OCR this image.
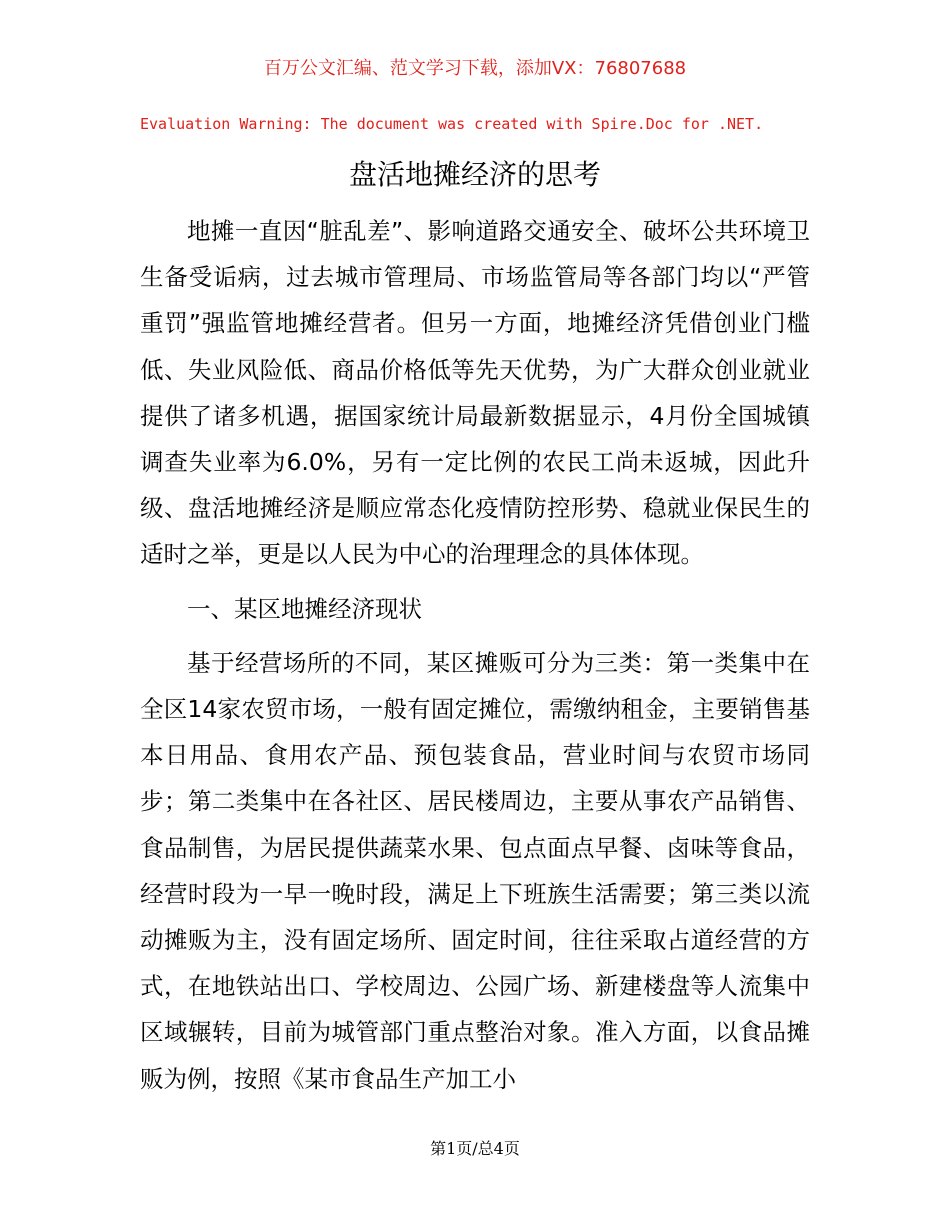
百万公文汇编、范文学习下载，添加VX：76807688
Evaluation Warning: The document was created with Spire.Doc for .NET.
盘活地摊经济的思考

地摊一直因“脏乱差”、影响道路交通安全、破坏公共环境卫生备受诟病，过去城市管理局、市场监管局等各部门均以“严管重罚”强监管地摊经营者。但另一方面，地摊经济凭借创业门槛低、失业风险低、商品价格低等先天优势，为广大群众创业就业提供了诸多机遇，据国家统计局最新数据显示，4月份全国城镇调查失业率为6.0%，另有一定比例的农民工尚未返城，因此升级、盘活地摊经济是顺应常态化疫情防控形势、稳就业保民生的适时之举，更是以人民为中心的治理理念的具体体现。

一、某区地摊经济现状

基于经营场所的不同，某区摊贩可分为三类：第一类集中在全区14家农贸市场，一般有固定摊位，需缴纳租金，主要销售基本日用品、食用农产品、预包装食品，营业时间与农贸市场同步；第二类集中在各社区、居民楼周边，主要从事农产品销售、食品制售，为居民提供蔬菜水果、包点面点早餐、卤味等食品，经营时段为一早一晚时段，满足上下班族生活需要；第三类以流动摊贩为主，没有固定场所、固定时间，往往采取占道经营的方式，在地铁站出口、学校周边、公园广场、新建楼盘等人流集中区域辗转，目前为城管部门重点整治对象。准入方面，以食品摊贩为例，按照《某市食品生产加工小

第1页/总4页
